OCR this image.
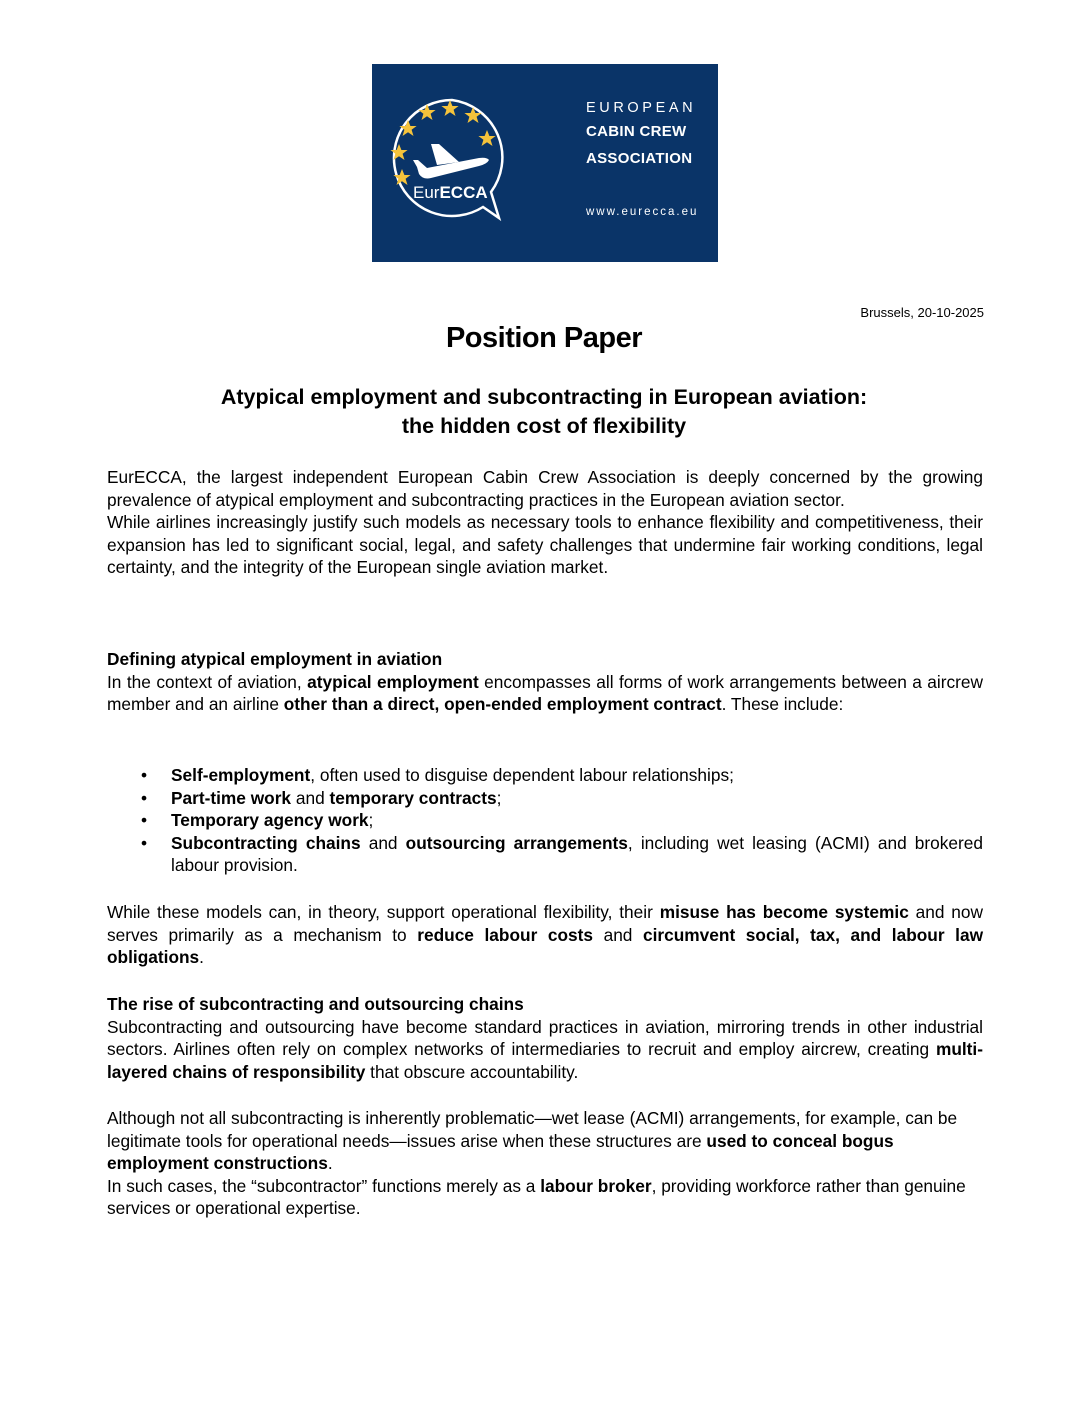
EurECCA
EUROPEAN
CABIN CREW
ASSOCIATION
www.eurecca.eu
Brussels, 20-10-2025
Position Paper
Atypical employment and subcontracting in European aviation:
the hidden cost of flexibility

EurECCA, the largest independent European Cabin Crew Association is deeply concerned by the growing prevalence of atypical employment and subcontracting practices in the European aviation sector.

While airlines increasingly justify such models as necessary tools to enhance flexibility and competitiveness, their expansion has led to significant social, legal, and safety challenges that undermine fair working conditions, legal certainty, and the integrity of the European single aviation market.

Defining atypical employment in aviation

In the context of aviation, atypical employment encompasses all forms of work arrangements between a aircrew member and an airline other than a direct, open-ended employment contract. These include:

• Self-employment, often used to disguise dependent labour relationships;
• Part-time work and temporary contracts;
• Temporary agency work;
• Subcontracting chains and outsourcing arrangements, including wet leasing (ACMI) and brokered labour provision.

While these models can, in theory, support operational flexibility, their misuse has become systemic and now serves primarily as a mechanism to reduce labour costs and circumvent social, tax, and labour law obligations.

The rise of subcontracting and outsourcing chains

Subcontracting and outsourcing have become standard practices in aviation, mirroring trends in other industrial sectors. Airlines often rely on complex networks of intermediaries to recruit and employ aircrew, creating multi-layered chains of responsibility that obscure accountability.

Although not all subcontracting is inherently problematic—wet lease (ACMI) arrangements, for example, can be legitimate tools for operational needs—issues arise when these structures are used to conceal bogus employment constructions.

In such cases, the “subcontractor” functions merely as a labour broker, providing workforce rather than genuine services or operational expertise.
